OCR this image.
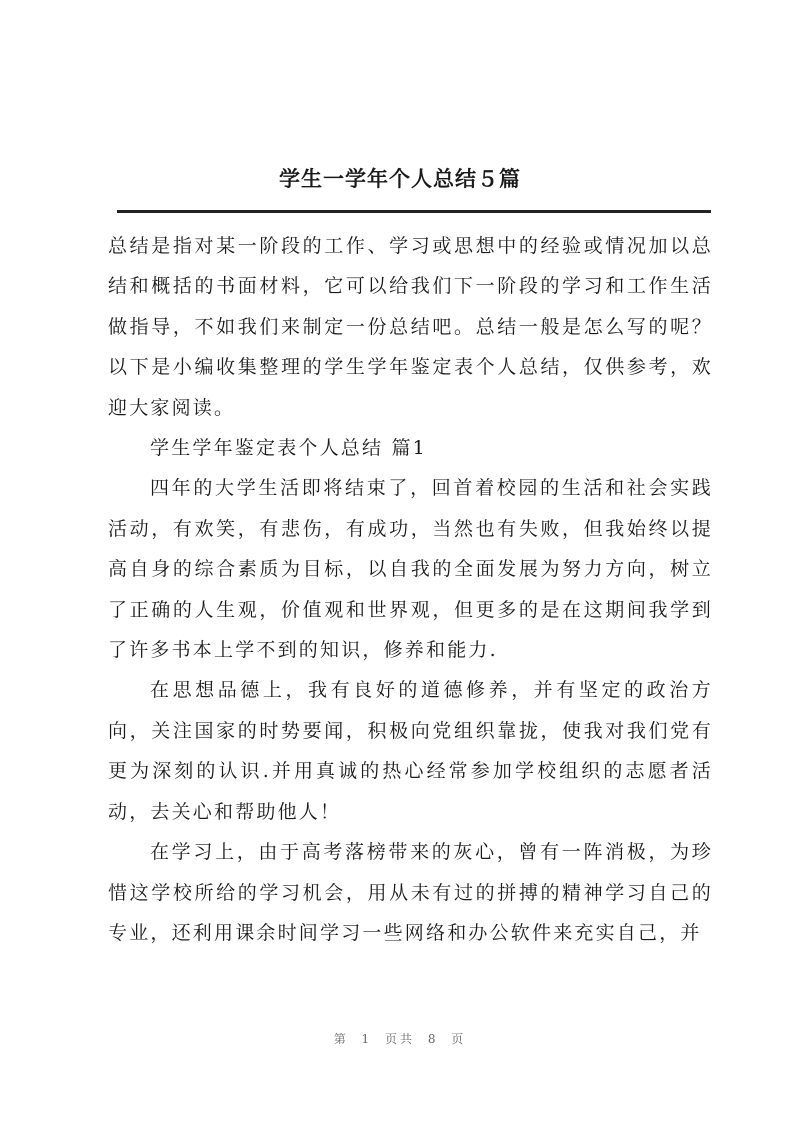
学生一学年个人总结５篇

总结是指对某一阶段的工作、学习或思想中的经验或情况加以总结和概括的书面材料，它可以给我们下一阶段的学习和工作生活做指导，不如我们来制定一份总结吧。总结一般是怎么写的呢？以下是小编收集整理的学生学年鉴定表个人总结，仅供参考，欢迎大家阅读。

学生学年鉴定表个人总结 篇1

四年的大学生活即将结束了，回首着校园的生活和社会实践活动，有欢笑，有悲伤，有成功，当然也有失败，但我始终以提高自身的综合素质为目标，以自我的全面发展为努力方向，树立了正确的人生观，价值观和世界观，但更多的是在这期间我学到了许多书本上学不到的知识，修养和能力.

在思想品德上，我有良好的道德修养，并有坚定的政治方向，关注国家的时势要闻，积极向党组织靠拢，使我对我们党有更为深刻的认识.并用真诚的热心经常参加学校组织的志愿者活动，去关心和帮助他人！

在学习上，由于高考落榜带来的灰心，曾有一阵消极，为珍惜这学校所给的学习机会，用从未有过的拼搏的精神学习自己的专业，还利用课余时间学习一些网络和办公软件来充实自己，并

第 1 页共 8 页
